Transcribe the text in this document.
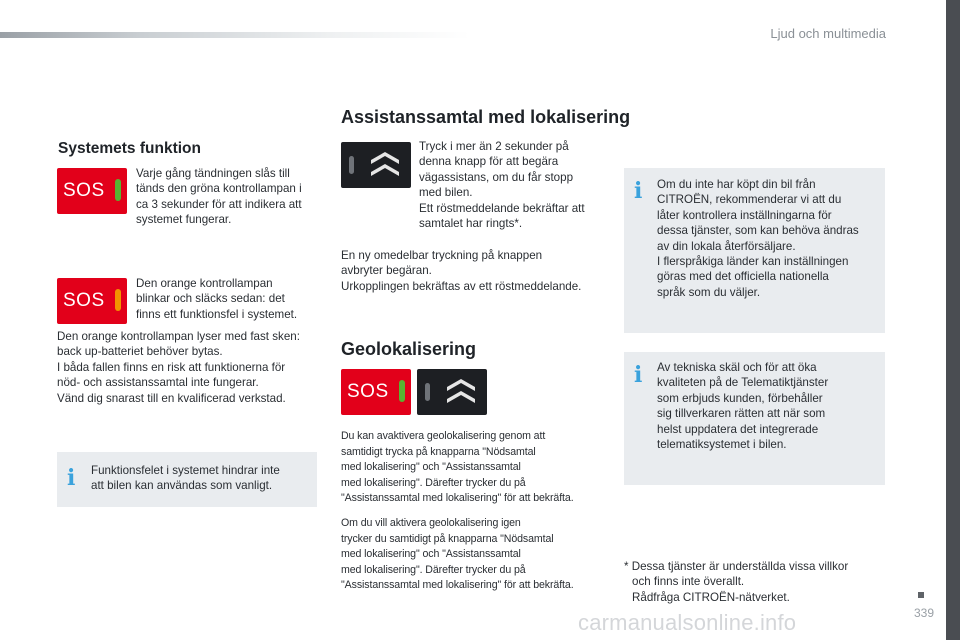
Ljud och multimedia
Systemets funktion
SOS
Varje gång tändningen slås till
tänds den gröna kontrollampan i
ca 3 sekunder för att indikera att
systemet fungerar.
SOS
Den orange kontrollampan
blinkar och släcks sedan: det
finns ett funktionsfel i systemet.
Den orange kontrollampan lyser med fast sken:
back up-batteriet behöver bytas.
I båda fallen finns en risk att funktionerna för
nöd- och assistanssamtal inte fungerar.
Vänd dig snarast till en kvalificerad verkstad.
i Funktionsfelet i systemet hindrar inte
att bilen kan användas som vanligt.
Assistanssamtal med lokalisering
Tryck i mer än 2 sekunder på
denna knapp för att begära
vägassistans, om du får stopp
med bilen.
Ett röstmeddelande bekräftar att
samtalet har ringts*.
En ny omedelbar tryckning på knappen
avbryter begäran.
Urkopplingen bekräftas av ett röstmeddelande.
Geolokalisering
SOS
Du kan avaktivera geolokalisering genom att
samtidigt trycka på knapparna "Nödsamtal
med lokalisering" och "Assistanssamtal
med lokalisering". Därefter trycker du på
"Assistanssamtal med lokalisering" för att bekräfta.
Om du vill aktivera geolokalisering igen
trycker du samtidigt på knapparna "Nödsamtal
med lokalisering" och "Assistanssamtal
med lokalisering". Därefter trycker du på
"Assistanssamtal med lokalisering" för att bekräfta.
i Om du inte har köpt din bil från
CITROËN, rekommenderar vi att du
låter kontrollera inställningarna för
dessa tjänster, som kan behöva ändras
av din lokala återförsäljare.
I flerspråkiga länder kan inställningen
göras med det officiella nationella
språk som du väljer.
i Av tekniska skäl och för att öka
kvaliteten på de Telematiktjänster
som erbjuds kunden, förbehåller
sig tillverkaren rätten att när som
helst uppdatera det integrerade
telematiksystemet i bilen.
* Dessa tjänster är underställda vissa villkor
och finns inte överallt.
Rådfråga CITROËN-nätverket.
339
carmanualsonline.info
